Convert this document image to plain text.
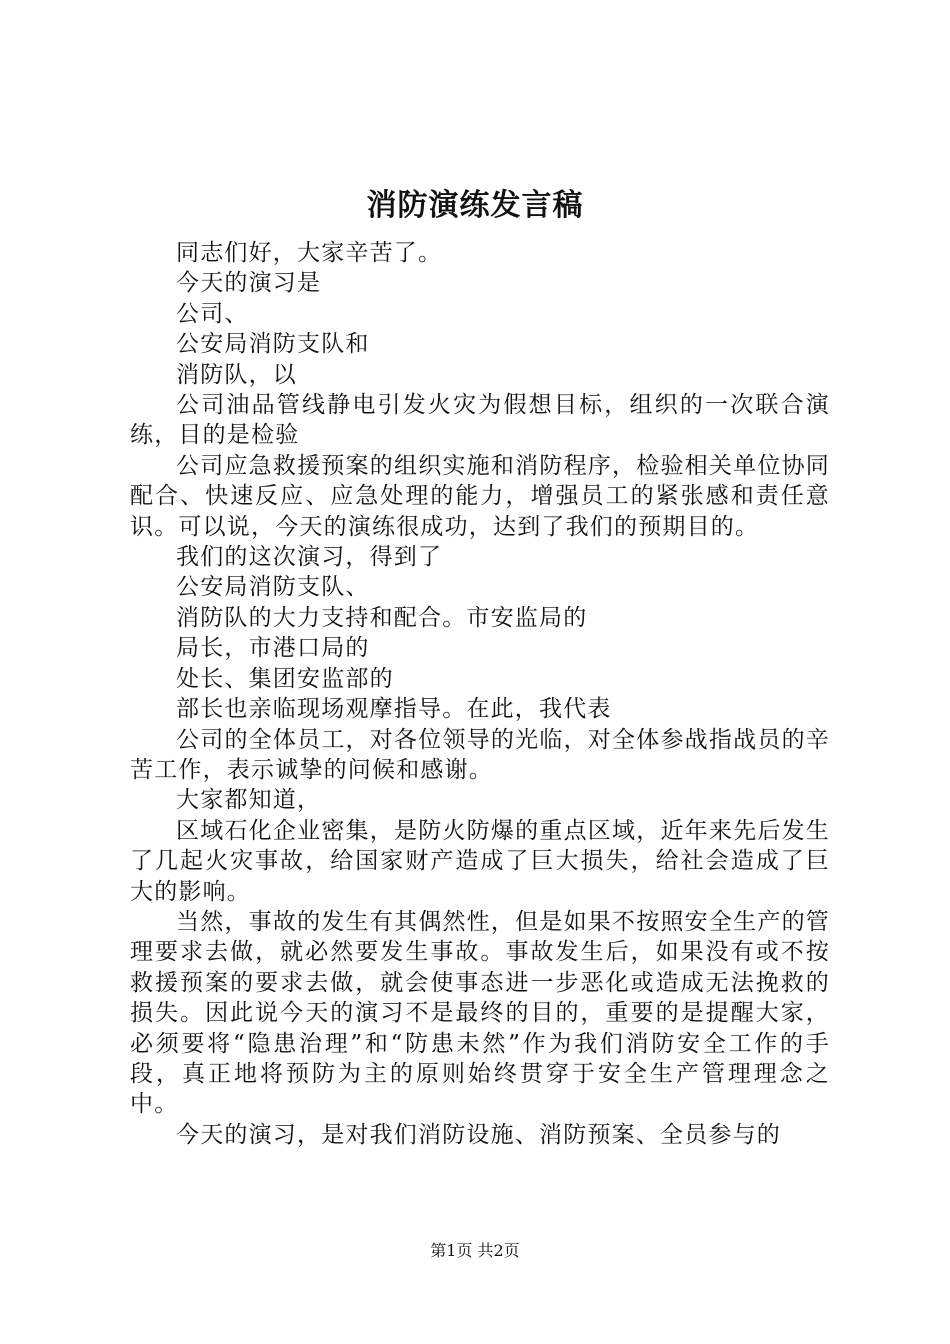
消防演练发言稿

同志们好，大家辛苦了。

今天的演习是

公司、

公安局消防支队和

消防队，以

公司油品管线静电引发火灾为假想目标，组织的一次联合演练，目的是检验

公司应急救援预案的组织实施和消防程序，检验相关单位协同配合、快速反应、应急处理的能力，增强员工的紧张感和责任意识。可以说，今天的演练很成功，达到了我们的预期目的。

我们的这次演习，得到了

公安局消防支队、

消防队的大力支持和配合。市安监局的

局长，市港口局的

处长、集团安监部的

部长也亲临现场观摩指导。在此，我代表

公司的全体员工，对各位领导的光临，对全体参战指战员的辛苦工作，表示诚挚的问候和感谢。

大家都知道，

区域石化企业密集，是防火防爆的重点区域，近年来先后发生了几起火灾事故，给国家财产造成了巨大损失，给社会造成了巨大的影响。

当然，事故的发生有其偶然性，但是如果不按照安全生产的管理要求去做，就必然要发生事故。事故发生后，如果没有或不按救援预案的要求去做，就会使事态进一步恶化或造成无法挽救的损失。因此说今天的演习不是最终的目的，重要的是提醒大家，必须要将“隐患治理”和“防患未然”作为我们消防安全工作的手段，真正地将预防为主的原则始终贯穿于安全生产管理理念之中。

今天的演习，是对我们消防设施、消防预案、全员参与的

第1页 共2页
